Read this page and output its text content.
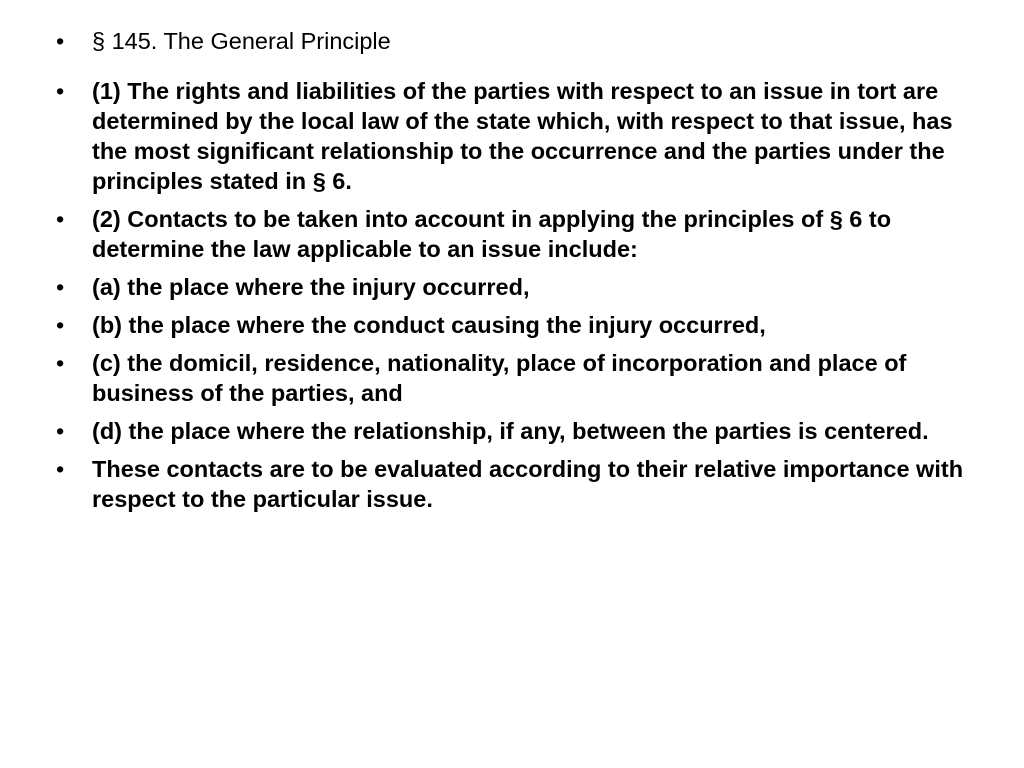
•	§ 145. The General Principle
•	(1) The rights and liabilities of the parties with respect to an issue in tort are determined by the local law of the state which, with respect to that issue, has the most significant relationship to the occurrence and the parties under the principles stated in § 6.
•	(2) Contacts to be taken into account in applying the principles of § 6 to determine the law applicable to an issue include:
•	(a) the place where the injury occurred,
•	(b) the place where the conduct causing the injury occurred,
•	(c) the domicil, residence, nationality, place of incorporation and place of business of the parties, and
•	(d) the place where the relationship, if any, between the parties is centered.
•	These contacts are to be evaluated according to their relative importance with respect to the particular issue.
